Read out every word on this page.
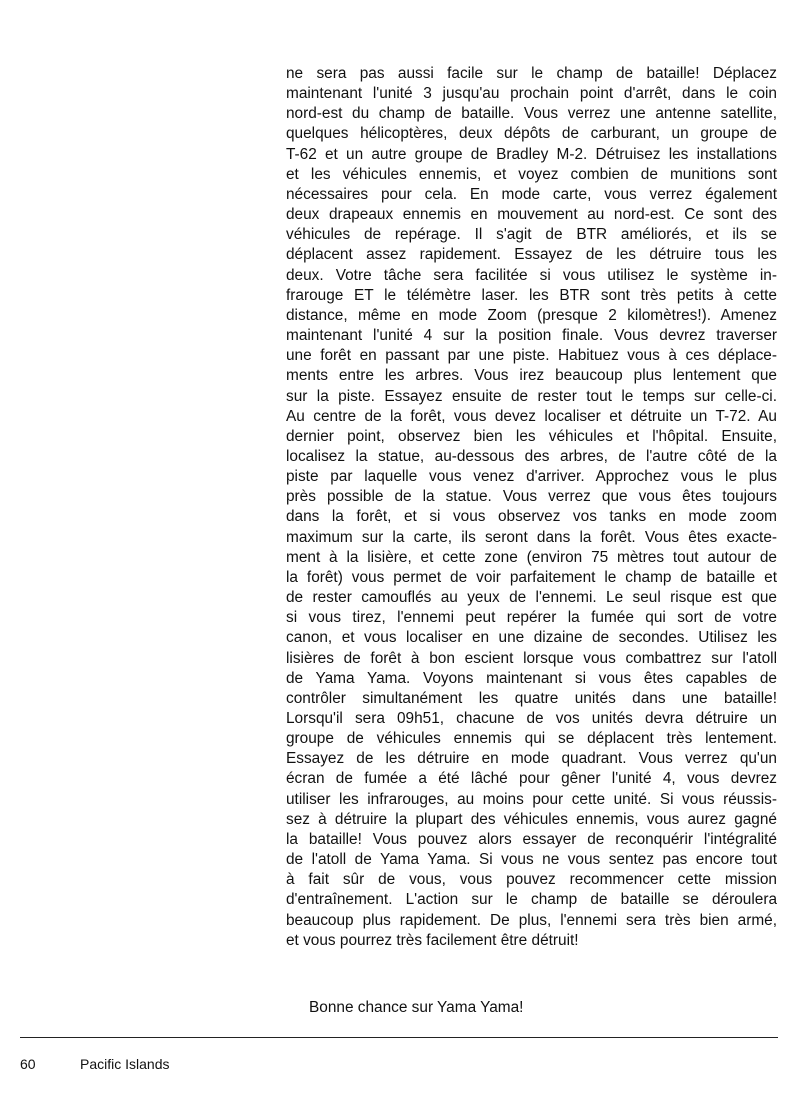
ne sera pas aussi facile sur le champ de bataille! Déplacez
maintenant l'unité 3 jusqu'au prochain point d'arrêt, dans le coin
nord-est du champ de bataille. Vous verrez une antenne satellite,
quelques hélicoptères, deux dépôts de carburant, un groupe de
T-62 et un autre groupe de Bradley M-2. Détruisez les installations
et les véhicules ennemis, et voyez combien de munitions sont
nécessaires pour cela. En mode carte, vous verrez également
deux drapeaux ennemis en mouvement au nord-est. Ce sont des
véhicules de repérage. Il s'agit de BTR améliorés, et ils se
déplacent assez rapidement. Essayez de les détruire tous les
deux. Votre tâche sera facilitée si vous utilisez le système in-
frarouge ET le télémètre laser. les BTR sont très petits à cette
distance, même en mode Zoom (presque 2 kilomètres!). Amenez
maintenant l'unité 4 sur la position finale. Vous devrez traverser
une forêt en passant par une piste. Habituez vous à ces déplace-
ments entre les arbres. Vous irez beaucoup plus lentement que
sur la piste. Essayez ensuite de rester tout le temps sur celle-ci.
Au centre de la forêt, vous devez localiser et détruite un T-72. Au
dernier point, observez bien les véhicules et l'hôpital. Ensuite,
localisez la statue, au-dessous des arbres, de l'autre côté de la
piste par laquelle vous venez d'arriver. Approchez vous le plus
près possible de la statue. Vous verrez que vous êtes toujours
dans la forêt, et si vous observez vos tanks en mode zoom
maximum sur la carte, ils seront dans la forêt. Vous êtes exacte-
ment à la lisière, et cette zone (environ 75 mètres tout autour de
la forêt) vous permet de voir parfaitement le champ de bataille et
de rester camouflés au yeux de l'ennemi. Le seul risque est que
si vous tirez, l'ennemi peut repérer la fumée qui sort de votre
canon, et vous localiser en une dizaine de secondes. Utilisez les
lisières de forêt à bon escient lorsque vous combattrez sur l'atoll
de Yama Yama. Voyons maintenant si vous êtes capables de
contrôler simultanément les quatre unités dans une bataille!
Lorsqu'il sera 09h51, chacune de vos unités devra détruire un
groupe de véhicules ennemis qui se déplacent très lentement.
Essayez de les détruire en mode quadrant. Vous verrez qu'un
écran de fumée a été lâché pour gêner l'unité 4, vous devrez
utiliser les infrarouges, au moins pour cette unité. Si vous réussis-
sez à détruire la plupart des véhicules ennemis, vous aurez gagné
la bataille! Vous pouvez alors essayer de reconquérir l'intégralité
de l'atoll de Yama Yama. Si vous ne vous sentez pas encore tout
à fait sûr de vous, vous pouvez recommencer cette mission
d'entraînement. L'action sur le champ de bataille se déroulera
beaucoup plus rapidement. De plus, l'ennemi sera très bien armé,
et vous pourrez très facilement être détruit!

Bonne chance sur Yama Yama!

60	Pacific Islands
